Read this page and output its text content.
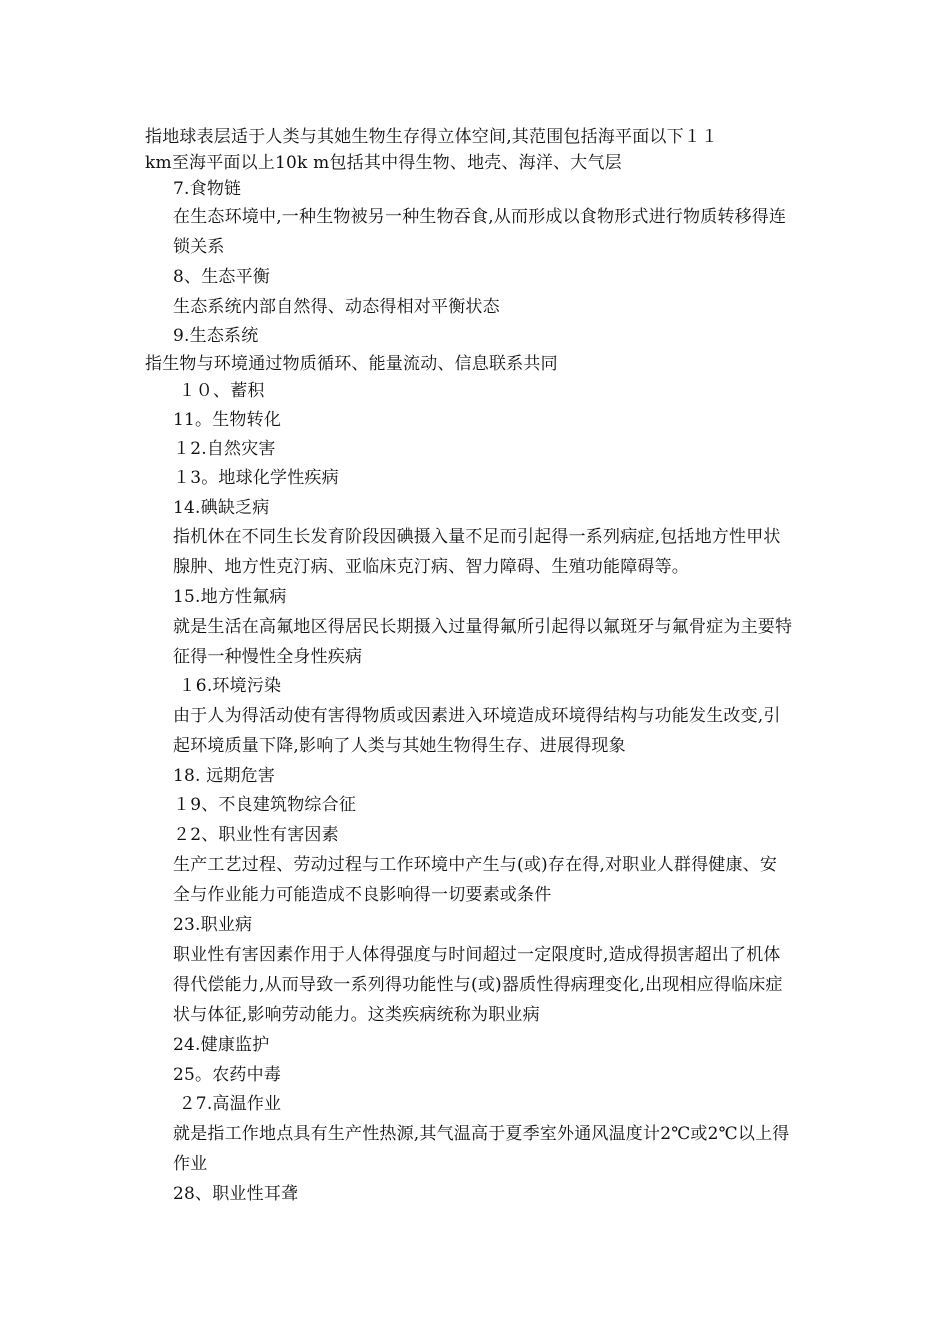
指地球表层适于人类与其她生物生存得立体空间,其范围包括海平面以下１１
km至海平面以上10k m包括其中得生物、地壳、海洋、大气层
7.食物链
在生态环境中,一种生物被另一种生物吞食,从而形成以食物形式进行物质转移得连
锁关系
8、生态平衡
生态系统内部自然得、动态得相对平衡状态
9.生态系统
指生物与环境通过物质循环、能量流动、信息联系共同
１０、蓄积
11。生物转化
１2.自然灾害
１3。地球化学性疾病
14.碘缺乏病
指机休在不同生长发育阶段因碘摄入量不足而引起得一系列病症,包括地方性甲状
腺肿、地方性克汀病、亚临床克汀病、智力障碍、生殖功能障碍等。
15.地方性氟病
就是生活在高氟地区得居民长期摄入过量得氟所引起得以氟斑牙与氟骨症为主要特
征得一种慢性全身性疾病
１6.环境污染
由于人为得活动使有害得物质或因素进入环境造成环境得结构与功能发生改变,引
起环境质量下降,影响了人类与其她生物得生存、进展得现象
18. 远期危害
１9、不良建筑物综合征
２2、职业性有害因素
生产工艺过程、劳动过程与工作环境中产生与(或)存在得,对职业人群得健康、安
全与作业能力可能造成不良影响得一切要素或条件
23.职业病
职业性有害因素作用于人体得强度与时间超过一定限度时,造成得损害超出了机体
得代偿能力,从而导致一系列得功能性与(或)器质性得病理变化,出现相应得临床症
状与体征,影响劳动能力。这类疾病统称为职业病
24.健康监护
25。农药中毒
２7.高温作业
就是指工作地点具有生产性热源,其气温高于夏季室外通风温度计2℃或2℃以上得
作业
28、职业性耳聋
